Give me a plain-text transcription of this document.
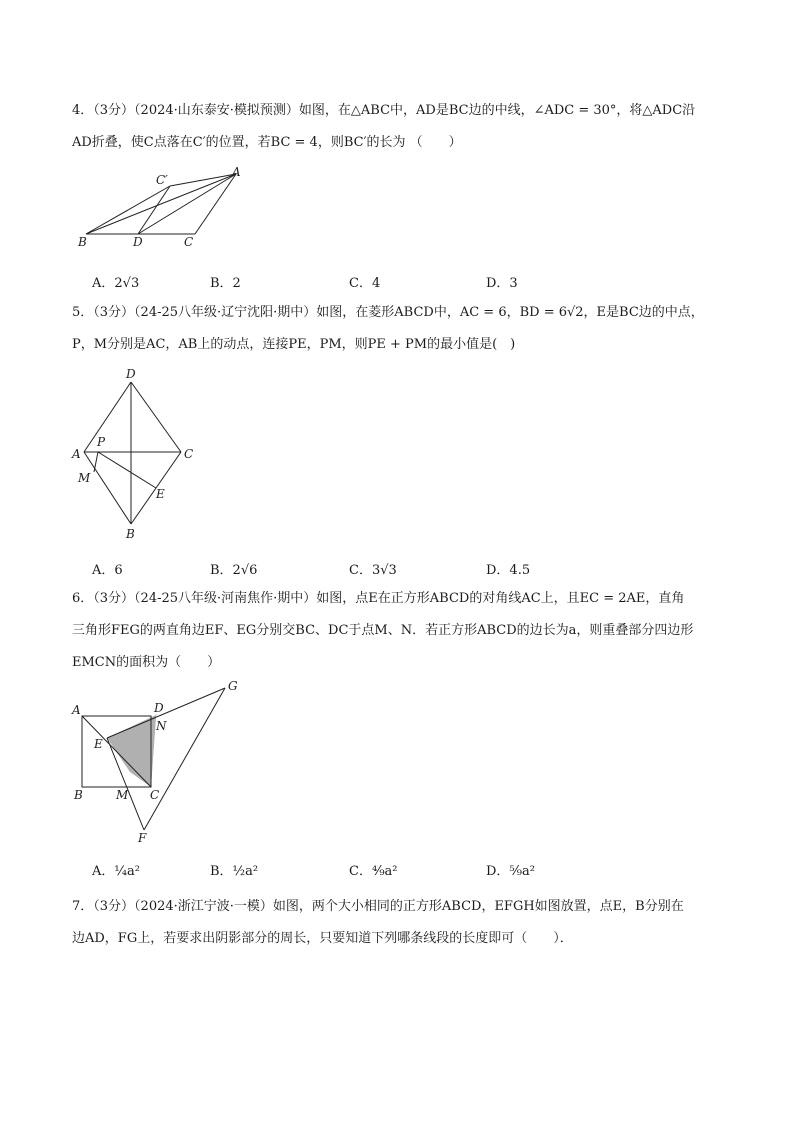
4．（3分）（2024·山东泰安·模拟预测）如图，在△ABC中，AD是BC边的中线，∠ADC = 30°，将△ADC沿
AD折叠，使C点落在C′的位置，若BC = 4，则BC′的长为 （　　）
A
B	D	C
C′
A．2√3	B．2	C．4	D．3
5．（3分）（24-25八年级·辽宁沈阳·期中）如图，在菱形ABCD中，AC = 6，BD = 6√2，E是BC边的中点，
P，M分别是AC，AB上的动点，连接PE，PM，则PE + PM的最小值是(　)
D
A	C
P
M
E
B
A．6	B．2√6	C．3√3	D．4.5
6．（3分）（24-25八年级·河南焦作·期中）如图，点E在正方形ABCD的对角线AC上，且EC = 2AE，直角
三角形FEG的两直角边EF、EG分别交BC、DC于点M、N．若正方形ABCD的边长为a，则重叠部分四边形
EMCN的面积为（　　）
A	D
N
E
B	M C
F
G
A．¼a²	B．½a²	C．⁴⁄₉a²	D．⁵⁄₉a²
7．（3分）（2024·浙江宁波·一模）如图，两个大小相同的正方形ABCD，EFGH如图放置，点E，B分别在
边AD，FG上，若要求出阴影部分的周长，只要知道下列哪条线段的长度即可（　　）．
